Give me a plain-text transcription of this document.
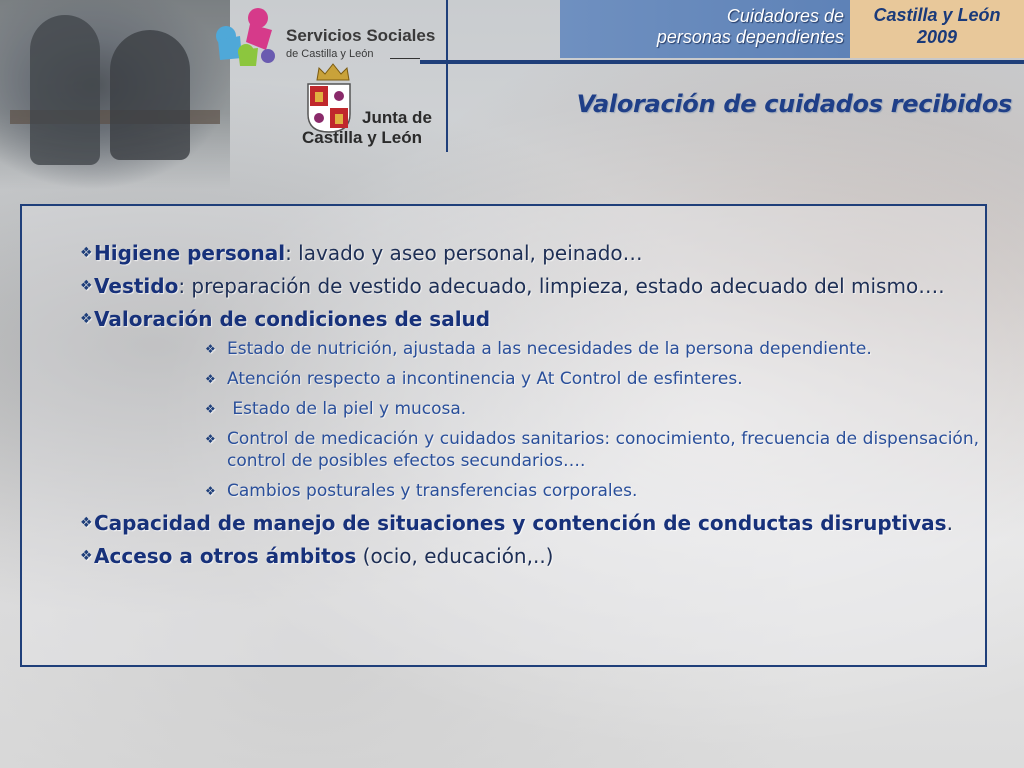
Servicios Sociales
de Castilla y León
Junta de
Castilla y León
Cuidadores de
personas dependientes
Castilla y León
2009
Valoración de cuidados recibidos
❖ Higiene personal: lavado y aseo personal, peinado…
❖ Vestido: preparación de vestido adecuado, limpieza, estado adecuado del mismo….
❖ Valoración de condiciones de salud
❖ Estado de nutrición, ajustada a las necesidades de la persona dependiente.
❖ Atención respecto a incontinencia y At Control de esfinteres.
❖ Estado de la piel y mucosa.
❖ Control de medicación y cuidados sanitarios: conocimiento, frecuencia de dispensación, control de posibles efectos secundarios….
❖ Cambios posturales y transferencias corporales.
❖ Capacidad de manejo de situaciones y contención de conductas disruptivas.
❖ Acceso a otros ámbitos (ocio, educación,..)
